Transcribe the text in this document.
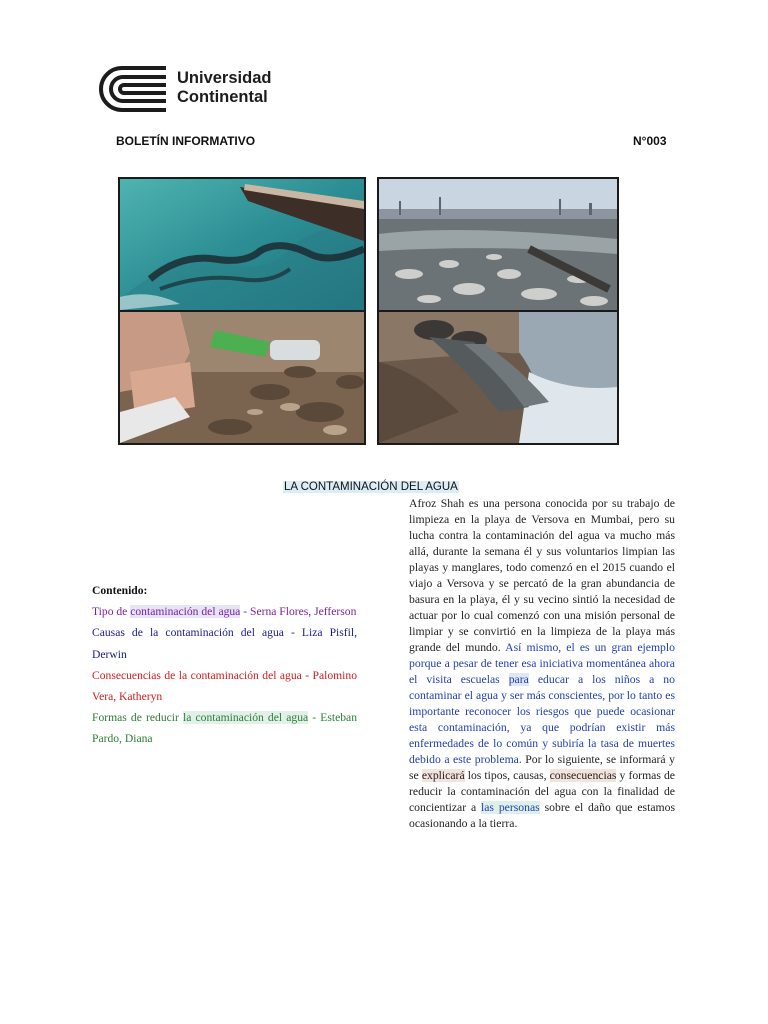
Universidad
Continental
BOLETÍN INFORMATIVO	N°003
LA CONTAMINACIÓN DEL AGUA
Contenido:
Tipo de contaminación del agua - Serna Flores, Jefferson
Causas de la contaminación del agua - Liza Pisfil, Derwin
Consecuencias de la contaminación del agua - Palomino Vera, Katheryn
Formas de reducir la contaminación del agua - Esteban Pardo, Diana
Afroz Shah es una persona conocida por su trabajo de limpieza en la playa de Versova en Mumbai, pero su lucha contra la contaminación del agua va mucho más allá, durante la semana él y sus voluntarios limpian las playas y manglares, todo comenzó en el 2015 cuando el viajo a Versova y se percató de la gran abundancia de basura en la playa, él y su vecino sintió la necesidad de actuar por lo cual comenzó con una misión personal de limpiar y se convirtió en la limpieza de la playa más grande del mundo. Así mismo, el es un gran ejemplo porque a pesar de tener esa iniciativa momentánea ahora el visita escuelas para educar a los niños a no contaminar el agua y ser más conscientes, por lo tanto es importante reconocer los riesgos que puede ocasionar esta contaminación, ya que podrían existir más enfermedades de lo común y subiría la tasa de muertes debido a este problema. Por lo siguiente, se informará y se explicará los tipos, causas, consecuencias y formas de reducir la contaminación del agua con la finalidad de concientizar a las personas sobre el daño que estamos ocasionando a la tierra.
